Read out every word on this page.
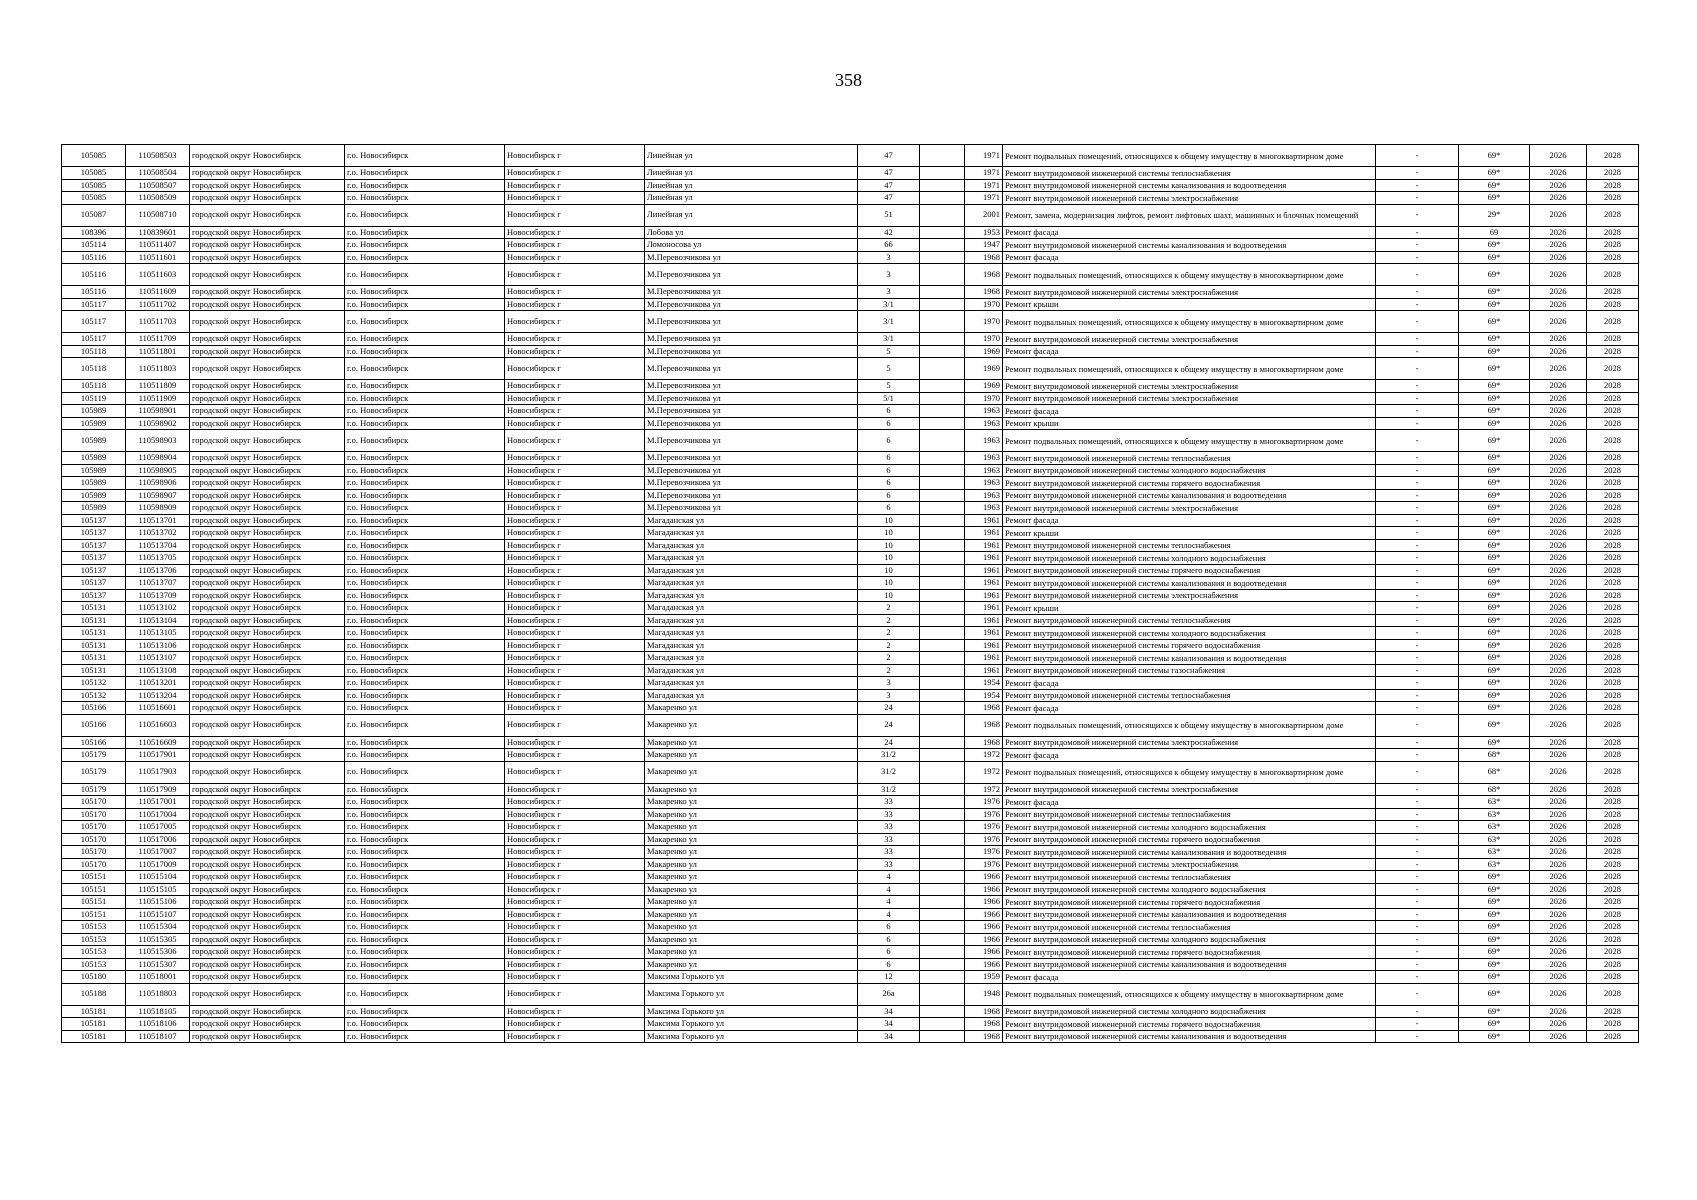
358
105085	110508503	городской округ Новосибирск	г.о. Новосибирск	Новосибирск г	Линейная ул	47		1971	Ремонт подвальных помещений, относящихся к общему имуществу в многоквартирном доме	-	69*	2026	2028
105085	110508504	городской округ Новосибирск	г.о. Новосибирск	Новосибирск г	Линейная ул	47		1971	Ремонт внутридомовой инженерной системы теплоснабжения	-	69*	2026	2028
105085	110508507	городской округ Новосибирск	г.о. Новосибирск	Новосибирск г	Линейная ул	47		1971	Ремонт внутридомовой инженерной системы канализования и водоотведения	-	69*	2026	2028
105085	110508509	городской округ Новосибирск	г.о. Новосибирск	Новосибирск г	Линейная ул	47		1971	Ремонт внутридомовой инженерной системы электроснабжения	-	69*	2026	2028
105087	110508710	городской округ Новосибирск	г.о. Новосибирск	Новосибирск г	Линейная ул	51		2001	Ремонт, замена, модернизация лифтов, ремонт лифтовых шахт, машинных и блочных помещений	-	29*	2026	2028
108396	110839601	городской округ Новосибирск	г.о. Новосибирск	Новосибирск г	Лобова ул	42		1953	Ремонт фасада	-	69	2026	2028
105114	110511407	городской округ Новосибирск	г.о. Новосибирск	Новосибирск г	Ломоносова ул	66		1947	Ремонт внутридомовой инженерной системы канализования и водоотведения	-	69*	2026	2028
105116	110511601	городской округ Новосибирск	г.о. Новосибирск	Новосибирск г	М.Перевозчикова ул	3		1968	Ремонт фасада	-	69*	2026	2028
105116	110511603	городской округ Новосибирск	г.о. Новосибирск	Новосибирск г	М.Перевозчикова ул	3		1968	Ремонт подвальных помещений, относящихся к общему имуществу в многоквартирном доме	-	69*	2026	2028
105116	110511609	городской округ Новосибирск	г.о. Новосибирск	Новосибирск г	М.Перевозчикова ул	3		1968	Ремонт внутридомовой инженерной системы электроснабжения	-	69*	2026	2028
105117	110511702	городской округ Новосибирск	г.о. Новосибирск	Новосибирск г	М.Перевозчикова ул	3/1		1970	Ремонт крыши	-	69*	2026	2028
105117	110511703	городской округ Новосибирск	г.о. Новосибирск	Новосибирск г	М.Перевозчикова ул	3/1		1970	Ремонт подвальных помещений, относящихся к общему имуществу в многоквартирном доме	-	69*	2026	2028
105117	110511709	городской округ Новосибирск	г.о. Новосибирск	Новосибирск г	М.Перевозчикова ул	3/1		1970	Ремонт внутридомовой инженерной системы электроснабжения	-	69*	2026	2028
105118	110511801	городской округ Новосибирск	г.о. Новосибирск	Новосибирск г	М.Перевозчикова ул	5		1969	Ремонт фасада	-	69*	2026	2028
105118	110511803	городской округ Новосибирск	г.о. Новосибирск	Новосибирск г	М.Перевозчикова ул	5		1969	Ремонт подвальных помещений, относящихся к общему имуществу в многоквартирном доме	-	69*	2026	2028
105118	110511809	городской округ Новосибирск	г.о. Новосибирск	Новосибирск г	М.Перевозчикова ул	5		1969	Ремонт внутридомовой инженерной системы электроснабжения	-	69*	2026	2028
105119	110511909	городской округ Новосибирск	г.о. Новосибирск	Новосибирск г	М.Перевозчикова ул	5/1		1970	Ремонт внутридомовой инженерной системы электроснабжения	-	69*	2026	2028
105989	110598901	городской округ Новосибирск	г.о. Новосибирск	Новосибирск г	М.Перевозчикова ул	6		1963	Ремонт фасада	-	69*	2026	2028
105989	110598902	городской округ Новосибирск	г.о. Новосибирск	Новосибирск г	М.Перевозчикова ул	6		1963	Ремонт крыши	-	69*	2026	2028
105989	110598903	городской округ Новосибирск	г.о. Новосибирск	Новосибирск г	М.Перевозчикова ул	6		1963	Ремонт подвальных помещений, относящихся к общему имуществу в многоквартирном доме	-	69*	2026	2028
105989	110598904	городской округ Новосибирск	г.о. Новосибирск	Новосибирск г	М.Перевозчикова ул	6		1963	Ремонт внутридомовой инженерной системы теплоснабжения	-	69*	2026	2028
105989	110598905	городской округ Новосибирск	г.о. Новосибирск	Новосибирск г	М.Перевозчикова ул	6		1963	Ремонт внутридомовой инженерной системы холодного водоснабжения	-	69*	2026	2028
105989	110598906	городской округ Новосибирск	г.о. Новосибирск	Новосибирск г	М.Перевозчикова ул	6		1963	Ремонт внутридомовой инженерной системы горячего водоснабжения	-	69*	2026	2028
105989	110598907	городской округ Новосибирск	г.о. Новосибирск	Новосибирск г	М.Перевозчикова ул	6		1963	Ремонт внутридомовой инженерной системы канализования и водоотведения	-	69*	2026	2028
105989	110598909	городской округ Новосибирск	г.о. Новосибирск	Новосибирск г	М.Перевозчикова ул	6		1963	Ремонт внутридомовой инженерной системы электроснабжения	-	69*	2026	2028
105137	110513701	городской округ Новосибирск	г.о. Новосибирск	Новосибирск г	Магаданская ул	10		1961	Ремонт фасада	-	69*	2026	2028
105137	110513702	городской округ Новосибирск	г.о. Новосибирск	Новосибирск г	Магаданская ул	10		1961	Ремонт крыши	-	69*	2026	2028
105137	110513704	городской округ Новосибирск	г.о. Новосибирск	Новосибирск г	Магаданская ул	10		1961	Ремонт внутридомовой инженерной системы теплоснабжения	-	69*	2026	2028
105137	110513705	городской округ Новосибирск	г.о. Новосибирск	Новосибирск г	Магаданская ул	10		1961	Ремонт внутридомовой инженерной системы холодного водоснабжения	-	69*	2026	2028
105137	110513706	городской округ Новосибирск	г.о. Новосибирск	Новосибирск г	Магаданская ул	10		1961	Ремонт внутридомовой инженерной системы горячего водоснабжения	-	69*	2026	2028
105137	110513707	городской округ Новосибирск	г.о. Новосибирск	Новосибирск г	Магаданская ул	10		1961	Ремонт внутридомовой инженерной системы канализования и водоотведения	-	69*	2026	2028
105137	110513709	городской округ Новосибирск	г.о. Новосибирск	Новосибирск г	Магаданская ул	10		1961	Ремонт внутридомовой инженерной системы электроснабжения	-	69*	2026	2028
105131	110513102	городской округ Новосибирск	г.о. Новосибирск	Новосибирск г	Магаданская ул	2		1961	Ремонт крыши	-	69*	2026	2028
105131	110513104	городской округ Новосибирск	г.о. Новосибирск	Новосибирск г	Магаданская ул	2		1961	Ремонт внутридомовой инженерной системы теплоснабжения	-	69*	2026	2028
105131	110513105	городской округ Новосибирск	г.о. Новосибирск	Новосибирск г	Магаданская ул	2		1961	Ремонт внутридомовой инженерной системы холодного водоснабжения	-	69*	2026	2028
105131	110513106	городской округ Новосибирск	г.о. Новосибирск	Новосибирск г	Магаданская ул	2		1961	Ремонт внутридомовой инженерной системы горячего водоснабжения	-	69*	2026	2028
105131	110513107	городской округ Новосибирск	г.о. Новосибирск	Новосибирск г	Магаданская ул	2		1961	Ремонт внутридомовой инженерной системы канализования и водоотведения	-	69*	2026	2028
105131	110513108	городской округ Новосибирск	г.о. Новосибирск	Новосибирск г	Магаданская ул	2		1961	Ремонт внутридомовой инженерной системы газоснабжения	-	69*	2026	2028
105132	110513201	городской округ Новосибирск	г.о. Новосибирск	Новосибирск г	Магаданская ул	3		1954	Ремонт фасада	-	69*	2026	2028
105132	110513204	городской округ Новосибирск	г.о. Новосибирск	Новосибирск г	Магаданская ул	3		1954	Ремонт внутридомовой инженерной системы теплоснабжения	-	69*	2026	2028
105166	110516601	городской округ Новосибирск	г.о. Новосибирск	Новосибирск г	Макаренко ул	24		1968	Ремонт фасада	-	69*	2026	2028
105166	110516603	городской округ Новосибирск	г.о. Новосибирск	Новосибирск г	Макаренко ул	24		1968	Ремонт подвальных помещений, относящихся к общему имуществу в многоквартирном доме	-	69*	2026	2028
105166	110516609	городской округ Новосибирск	г.о. Новосибирск	Новосибирск г	Макаренко ул	24		1968	Ремонт внутридомовой инженерной системы электроснабжения	-	69*	2026	2028
105179	110517901	городской округ Новосибирск	г.о. Новосибирск	Новосибирск г	Макаренко ул	31/2		1972	Ремонт фасада	-	68*	2026	2028
105179	110517903	городской округ Новосибирск	г.о. Новосибирск	Новосибирск г	Макаренко ул	31/2		1972	Ремонт подвальных помещений, относящихся к общему имуществу в многоквартирном доме	-	68*	2026	2028
105179	110517909	городской округ Новосибирск	г.о. Новосибирск	Новосибирск г	Макаренко ул	31/2		1972	Ремонт внутридомовой инженерной системы электроснабжения	-	68*	2026	2028
105170	110517001	городской округ Новосибирск	г.о. Новосибирск	Новосибирск г	Макаренко ул	33		1976	Ремонт фасада	-	63*	2026	2028
105170	110517004	городской округ Новосибирск	г.о. Новосибирск	Новосибирск г	Макаренко ул	33		1976	Ремонт внутридомовой инженерной системы теплоснабжения	-	63*	2026	2028
105170	110517005	городской округ Новосибирск	г.о. Новосибирск	Новосибирск г	Макаренко ул	33		1976	Ремонт внутридомовой инженерной системы холодного водоснабжения	-	63*	2026	2028
105170	110517006	городской округ Новосибирск	г.о. Новосибирск	Новосибирск г	Макаренко ул	33		1976	Ремонт внутридомовой инженерной системы горячего водоснабжения	-	63*	2026	2028
105170	110517007	городской округ Новосибирск	г.о. Новосибирск	Новосибирск г	Макаренко ул	33		1976	Ремонт внутридомовой инженерной системы канализования и водоотведения	-	63*	2026	2028
105170	110517009	городской округ Новосибирск	г.о. Новосибирск	Новосибирск г	Макаренко ул	33		1976	Ремонт внутридомовой инженерной системы электроснабжения	-	63*	2026	2028
105151	110515104	городской округ Новосибирск	г.о. Новосибирск	Новосибирск г	Макаренко ул	4		1966	Ремонт внутридомовой инженерной системы теплоснабжения	-	69*	2026	2028
105151	110515105	городской округ Новосибирск	г.о. Новосибирск	Новосибирск г	Макаренко ул	4		1966	Ремонт внутридомовой инженерной системы холодного водоснабжения	-	69*	2026	2028
105151	110515106	городской округ Новосибирск	г.о. Новосибирск	Новосибирск г	Макаренко ул	4		1966	Ремонт внутридомовой инженерной системы горячего водоснабжения	-	69*	2026	2028
105151	110515107	городской округ Новосибирск	г.о. Новосибирск	Новосибирск г	Макаренко ул	4		1966	Ремонт внутридомовой инженерной системы канализования и водоотведения	-	69*	2026	2028
105153	110515304	городской округ Новосибирск	г.о. Новосибирск	Новосибирск г	Макаренко ул	6		1966	Ремонт внутридомовой инженерной системы теплоснабжения	-	69*	2026	2028
105153	110515305	городской округ Новосибирск	г.о. Новосибирск	Новосибирск г	Макаренко ул	6		1966	Ремонт внутридомовой инженерной системы холодного водоснабжения	-	69*	2026	2028
105153	110515306	городской округ Новосибирск	г.о. Новосибирск	Новосибирск г	Макаренко ул	6		1966	Ремонт внутридомовой инженерной системы горячего водоснабжения	-	69*	2026	2028
105153	110515307	городской округ Новосибирск	г.о. Новосибирск	Новосибирск г	Макаренко ул	6		1966	Ремонт внутридомовой инженерной системы канализования и водоотведения	-	69*	2026	2028
105180	110518001	городской округ Новосибирск	г.о. Новосибирск	Новосибирск г	Максима Горького ул	12		1959	Ремонт фасада	-	69*	2026	2028
105188	110518803	городской округ Новосибирск	г.о. Новосибирск	Новосибирск г	Максима Горького ул	26а		1948	Ремонт подвальных помещений, относящихся к общему имуществу в многоквартирном доме	-	69*	2026	2028
105181	110518105	городской округ Новосибирск	г.о. Новосибирск	Новосибирск г	Максима Горького ул	34		1968	Ремонт внутридомовой инженерной системы холодного водоснабжения	-	69*	2026	2028
105181	110518106	городской округ Новосибирск	г.о. Новосибирск	Новосибирск г	Максима Горького ул	34		1968	Ремонт внутридомовой инженерной системы горячего водоснабжения	-	69*	2026	2028
105181	110518107	городской округ Новосибирск	г.о. Новосибирск	Новосибирск г	Максима Горького ул	34		1968	Ремонт внутридомовой инженерной системы канализования и водоотведения	-	69*	2026	2028
